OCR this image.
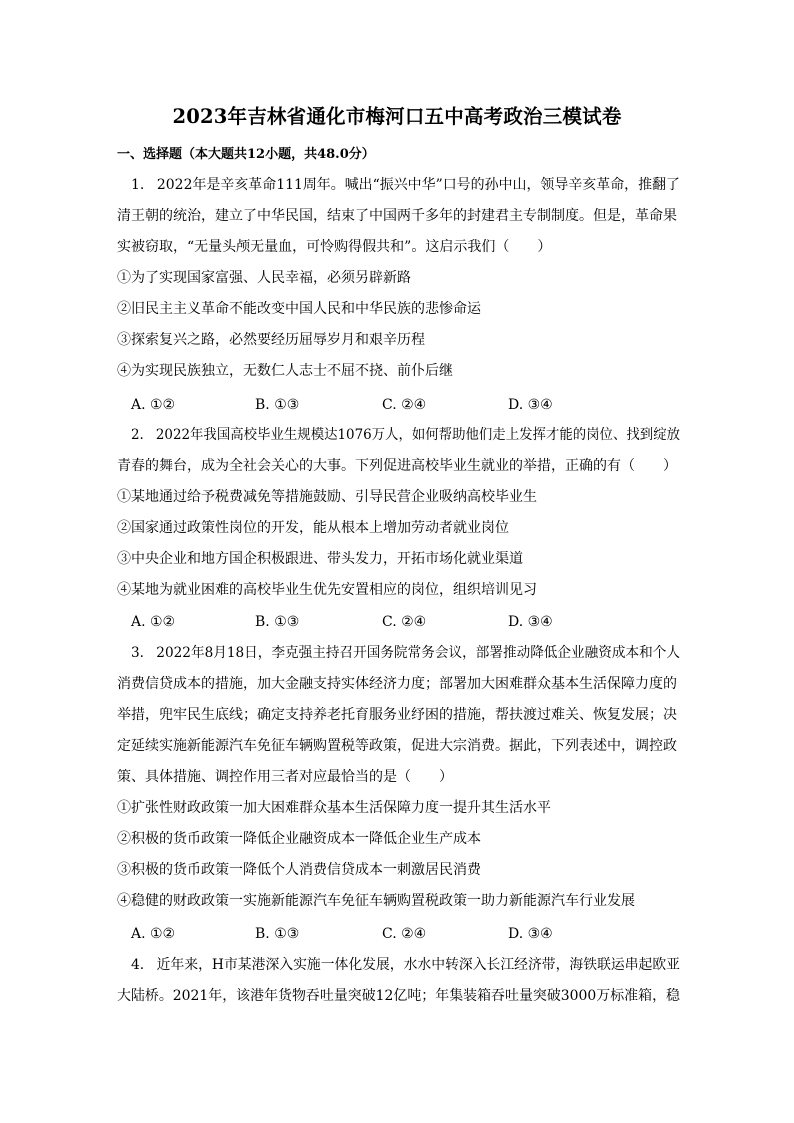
2023年吉林省通化市梅河口五中高考政治三模试卷
一、选择题（本大题共12小题，共48.0分）
1. 2022年是辛亥革命111周年。喊出“振兴中华”口号的孙中山，领导辛亥革命，推翻了
清王朝的统治，建立了中华民国，结束了中国两千多年的封建君主专制制度。但是，革命果
实被窃取，“无量头颅无量血，可怜购得假共和”。这启示我们（　　）
①为了实现国家富强、人民幸福，必须另辟新路
②旧民主主义革命不能改变中国人民和中华民族的悲惨命运
③探索复兴之路，必然要经历屈辱岁月和艰辛历程
④为实现民族独立，无数仁人志士不屈不挠、前仆后继
A. ①②	B. ①③	C. ②④	D. ③④
2. 2022年我国高校毕业生规模达1076万人，如何帮助他们走上发挥才能的岗位、找到绽放
青春的舞台，成为全社会关心的大事。下列促进高校毕业生就业的举措，正确的有（　　）
①某地通过给予税费减免等措施鼓励、引导民营企业吸纳高校毕业生
②国家通过政策性岗位的开发，能从根本上增加劳动者就业岗位
③中央企业和地方国企积极跟进、带头发力，开拓市场化就业渠道
④某地为就业困难的高校毕业生优先安置相应的岗位，组织培训见习
A. ①②	B. ①③	C. ②④	D. ③④
3. 2022年8月18日，李克强主持召开国务院常务会议，部署推动降低企业融资成本和个人
消费信贷成本的措施，加大金融支持实体经济力度；部署加大困难群众基本生活保障力度的
举措，兜牢民生底线；确定支持养老托育服务业纾困的措施，帮扶渡过难关、恢复发展；决
定延续实施新能源汽车免征车辆购置税等政策，促进大宗消费。据此，下列表述中，调控政
策、具体措施、调控作用三者对应最恰当的是（　　）
①扩张性财政政策一加大困难群众基本生活保障力度一提升其生活水平
②积极的货币政策一降低企业融资成本一降低企业生产成本
③积极的货币政策一降低个人消费信贷成本一刺激居民消费
④稳健的财政政策一实施新能源汽车免征车辆购置税政策一助力新能源汽车行业发展
A. ①②	B. ①③	C. ②④	D. ③④
4. 近年来，H市某港深入实施一体化发展，水水中转深入长江经济带，海铁联运串起欧亚
大陆桥。2021年，该港年货物吞吐量突破12亿吨；年集装箱吞吐量突破3000万标准箱，稳
